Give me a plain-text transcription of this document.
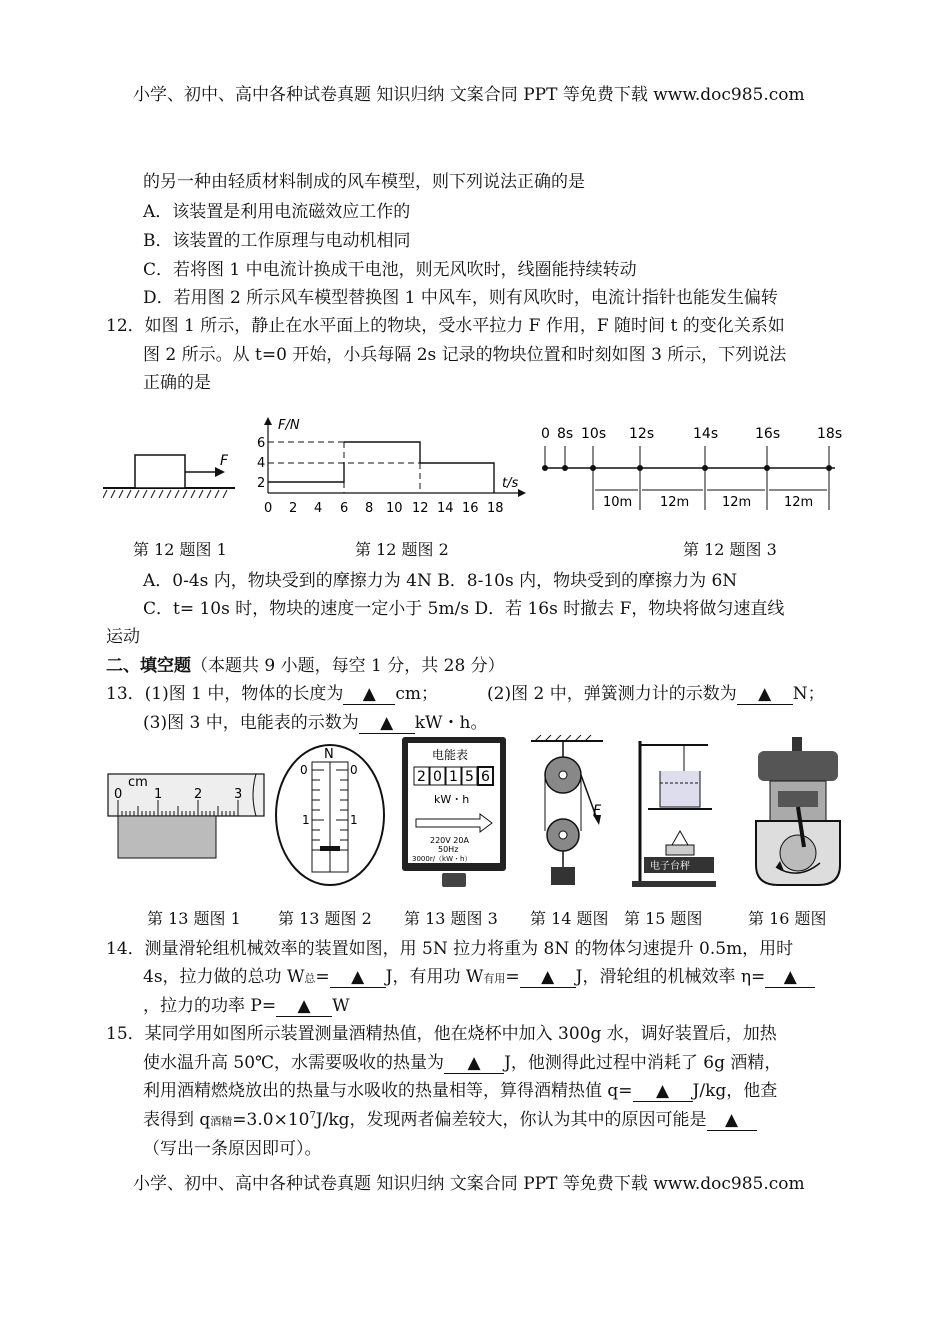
小学、初中、高中各种试卷真题 知识归纳 文案合同 PPT 等免费下载 www.doc985.com
的另一种由轻质材料制成的风车模型，则下列说法正确的是
A．该装置是利用电流磁效应工作的
B．该装置的工作原理与电动机相同
C．若将图 1 中电流计换成干电池，则无风吹时，线圈能持续转动
D．若用图 2 所示风车模型替换图 1 中风车，则有风吹时，电流计指针也能发生偏转
12．如图 1 所示，静止在水平面上的物块，受水平拉力 F 作用，F 随时间 t 的变化关系如
图 2 所示。从 t=0 开始，小兵每隔 2s 记录的物块位置和时刻如图 3 所示，下列说法
正确的是
F
F/N
t/s
2
4
6
0 2 4 6 8 10 12 14 16 18
0 8s 10s 12s	14s	16s	18s
10m 12m	12m	12m
第 12 题图 1	第 12 题图 2	第 12 题图 3
A．0-4s 内，物块受到的摩擦力为 4N B．8-10s 内，物块受到的摩擦力为 6N
C．t= 10s 时，物块的速度一定小于 5m/s D．若 16s 时撤去 F，物块将做匀速直线
运动
二、填空题（本题共 9 小题，每空 1 分，共 28 分）
13．(1)图 1 中，物体的长度为 ▲ cm；	(2)图 2 中，弹簧测力计的示数为 ▲ N；
(3)图 3 中，电能表的示数为 ▲ kW・h。
cm
0 1 2 3
N
0	0
1	1
电能表
2 0 1 5 6
kW・h
220V 20A
50Hz
3000r/（kW・h）
F
电子台秤
第 13 题图 1 第 13 题图 2 第 13 题图 3 第 14 题图 第 15 题图	第 16 题图
14．测量滑轮组机械效率的装置如图，用 5N 拉力将重为 8N 的物体匀速提升 0.5m，用时
4s，拉力做的总功 W总= ▲ J，有用功 W有用= ▲ J，滑轮组的机械效率 η= ▲
，拉力的功率 P= ▲ W
15．某同学用如图所示装置测量酒精热值，他在烧杯中加入 300g 水，调好装置后，加热
使水温升高 50℃，水需要吸收的热量为 ▲ J，他测得此过程中消耗了 6g 酒精，
利用酒精燃烧放出的热量与水吸收的热量相等，算得酒精热值 q= ▲ J/kg，他查
表得到 q酒精$=3.0\times 10^7J/kg$，发现两者偏差较大，你认为其中的原因可能是 ▲
（写出一条原因即可）。
小学、初中、高中各种试卷真题 知识归纳 文案合同 PPT 等免费下载 www.doc985.com
